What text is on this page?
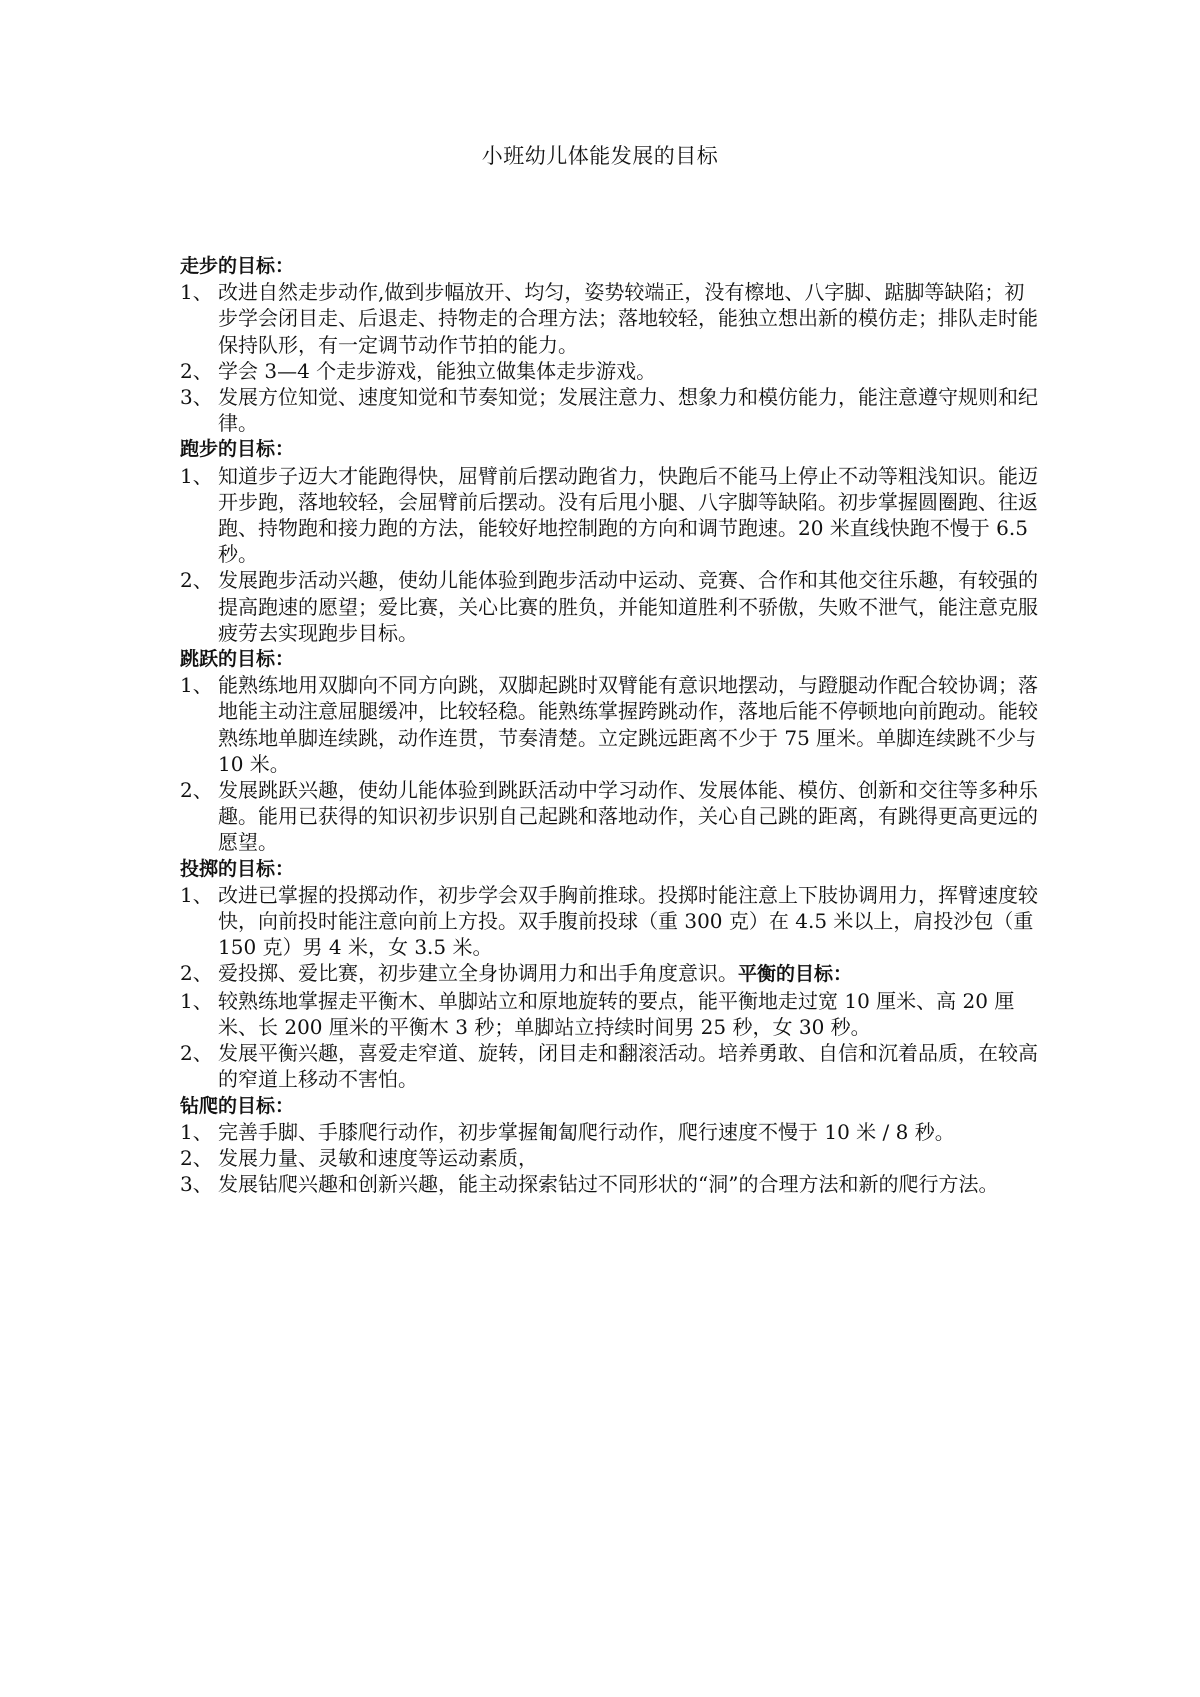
小班幼儿体能发展的目标

走步的目标：

1、 改进自然走步动作,做到步幅放开、均匀，姿势较端正，没有檫地、八字脚、踮脚等缺陷；初步学会闭目走、后退走、持物走的合理方法；落地较轻，能独立想出新的模仿走；排队走时能保持队形，有一定调节动作节拍的能力。

2、 学会 3—4 个走步游戏，能独立做集体走步游戏。

3、 发展方位知觉、速度知觉和节奏知觉；发展注意力、想象力和模仿能力，能注意遵守规则和纪律。

跑步的目标：

1、 知道步子迈大才能跑得快，屈臂前后摆动跑省力，快跑后不能马上停止不动等粗浅知识。能迈开步跑，落地较轻，会屈臂前后摆动。没有后甩小腿、八字脚等缺陷。初步掌握圆圈跑、往返跑、持物跑和接力跑的方法，能较好地控制跑的方向和调节跑速。20 米直线快跑不慢于 6.5 秒。

2、 发展跑步活动兴趣，使幼儿能体验到跑步活动中运动、竞赛、合作和其他交往乐趣，有较强的提高跑速的愿望；爱比赛，关心比赛的胜负，并能知道胜利不骄傲，失败不泄气，能注意克服疲劳去实现跑步目标。

跳跃的目标：

1、 能熟练地用双脚向不同方向跳，双脚起跳时双臂能有意识地摆动，与蹬腿动作配合较协调；落地能主动注意屈腿缓冲，比较轻稳。能熟练掌握跨跳动作，落地后能不停顿地向前跑动。能较熟练地单脚连续跳，动作连贯，节奏清楚。立定跳远距离不少于 75 厘米。单脚连续跳不少与 10 米。

2、 发展跳跃兴趣，使幼儿能体验到跳跃活动中学习动作、发展体能、模仿、创新和交往等多种乐趣。能用已获得的知识初步识别自己起跳和落地动作，关心自己跳的距离，有跳得更高更远的愿望。

投掷的目标：

1、 改进已掌握的投掷动作，初步学会双手胸前推球。投掷时能注意上下肢协调用力，挥臂速度较快，向前投时能注意向前上方投。双手腹前投球（重 300 克）在 4.5 米以上，肩投沙包（重 150 克）男 4 米，女 3.5 米。

2、 爱投掷、爱比赛，初步建立全身协调用力和出手角度意识。平衡的目标：

1、 较熟练地掌握走平衡木、单脚站立和原地旋转的要点，能平衡地走过宽 10 厘米、高 20 厘米、长 200 厘米的平衡木 3 秒；单脚站立持续时间男 25 秒，女 30 秒。

2、 发展平衡兴趣，喜爱走窄道、旋转，闭目走和翻滚活动。培养勇敢、自信和沉着品质，在较高的窄道上移动不害怕。

钻爬的目标：

1、 完善手脚、手膝爬行动作，初步掌握匍匐爬行动作，爬行速度不慢于 10 米 / 8 秒。

2、 发展力量、灵敏和速度等运动素质，

3、 发展钻爬兴趣和创新兴趣，能主动探索钻过不同形状的“洞”的合理方法和新的爬行方法。
